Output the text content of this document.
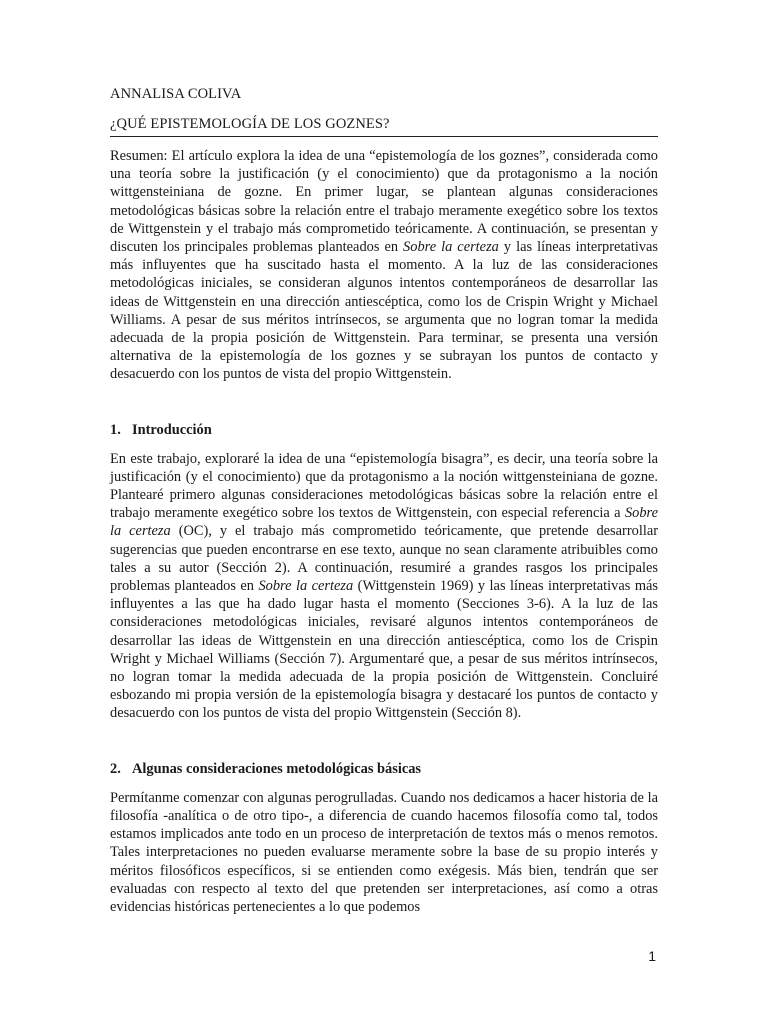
ANNALISA COLIVA

¿QUÉ EPISTEMOLOGÍA DE LOS GOZNES?

Resumen: El artículo explora la idea de una “epistemología de los goznes”, considerada como una teoría sobre la justificación (y el conocimiento) que da protagonismo a la noción wittgensteiniana de gozne. En primer lugar, se plantean algunas consideraciones metodológicas básicas sobre la relación entre el trabajo meramente exegético sobre los textos de Wittgenstein y el trabajo más comprometido teóricamente. A continuación, se presentan y discuten los principales problemas planteados en Sobre la certeza y las líneas interpretativas más influyentes que ha suscitado hasta el momento. A la luz de las consideraciones metodológicas iniciales, se consideran algunos intentos contemporáneos de desarrollar las ideas de Wittgenstein en una dirección antiescéptica, como los de Crispin Wright y Michael Williams. A pesar de sus méritos intrínsecos, se argumenta que no logran tomar la medida adecuada de la propia posición de Wittgenstein. Para terminar, se presenta una versión alternativa de la epistemología de los goznes y se subrayan los puntos de contacto y desacuerdo con los puntos de vista del propio Wittgenstein.

1. Introducción

En este trabajo, exploraré la idea de una “epistemología bisagra”, es decir, una teoría sobre la justificación (y el conocimiento) que da protagonismo a la noción wittgensteiniana de gozne. Plantearé primero algunas consideraciones metodológicas básicas sobre la relación entre el trabajo meramente exegético sobre los textos de Wittgenstein, con especial referencia a Sobre la certeza (OC), y el trabajo más comprometido teóricamente, que pretende desarrollar sugerencias que pueden encontrarse en ese texto, aunque no sean claramente atribuibles como tales a su autor (Sección 2). A continuación, resumiré a grandes rasgos los principales problemas planteados en Sobre la certeza (Wittgenstein 1969) y las líneas interpretativas más influyentes a las que ha dado lugar hasta el momento (Secciones 3-6). A la luz de las consideraciones metodológicas iniciales, revisaré algunos intentos contemporáneos de desarrollar las ideas de Wittgenstein en una dirección antiescéptica, como los de Crispin Wright y Michael Williams (Sección 7). Argumentaré que, a pesar de sus méritos intrínsecos, no logran tomar la medida adecuada de la propia posición de Wittgenstein. Concluiré esbozando mi propia versión de la epistemología bisagra y destacaré los puntos de contacto y desacuerdo con los puntos de vista del propio Wittgenstein (Sección 8).

2. Algunas consideraciones metodológicas básicas

Permítanme comenzar con algunas perogrulladas. Cuando nos dedicamos a hacer historia de la filosofía -analítica o de otro tipo-, a diferencia de cuando hacemos filosofía como tal, todos estamos implicados ante todo en un proceso de interpretación de textos más o menos remotos. Tales interpretaciones no pueden evaluarse meramente sobre la base de su propio interés y méritos filosóficos específicos, si se entienden como exégesis. Más bien, tendrán que ser evaluadas con respecto al texto del que pretenden ser interpretaciones, así como a otras evidencias históricas pertenecientes a lo que podemos

1
